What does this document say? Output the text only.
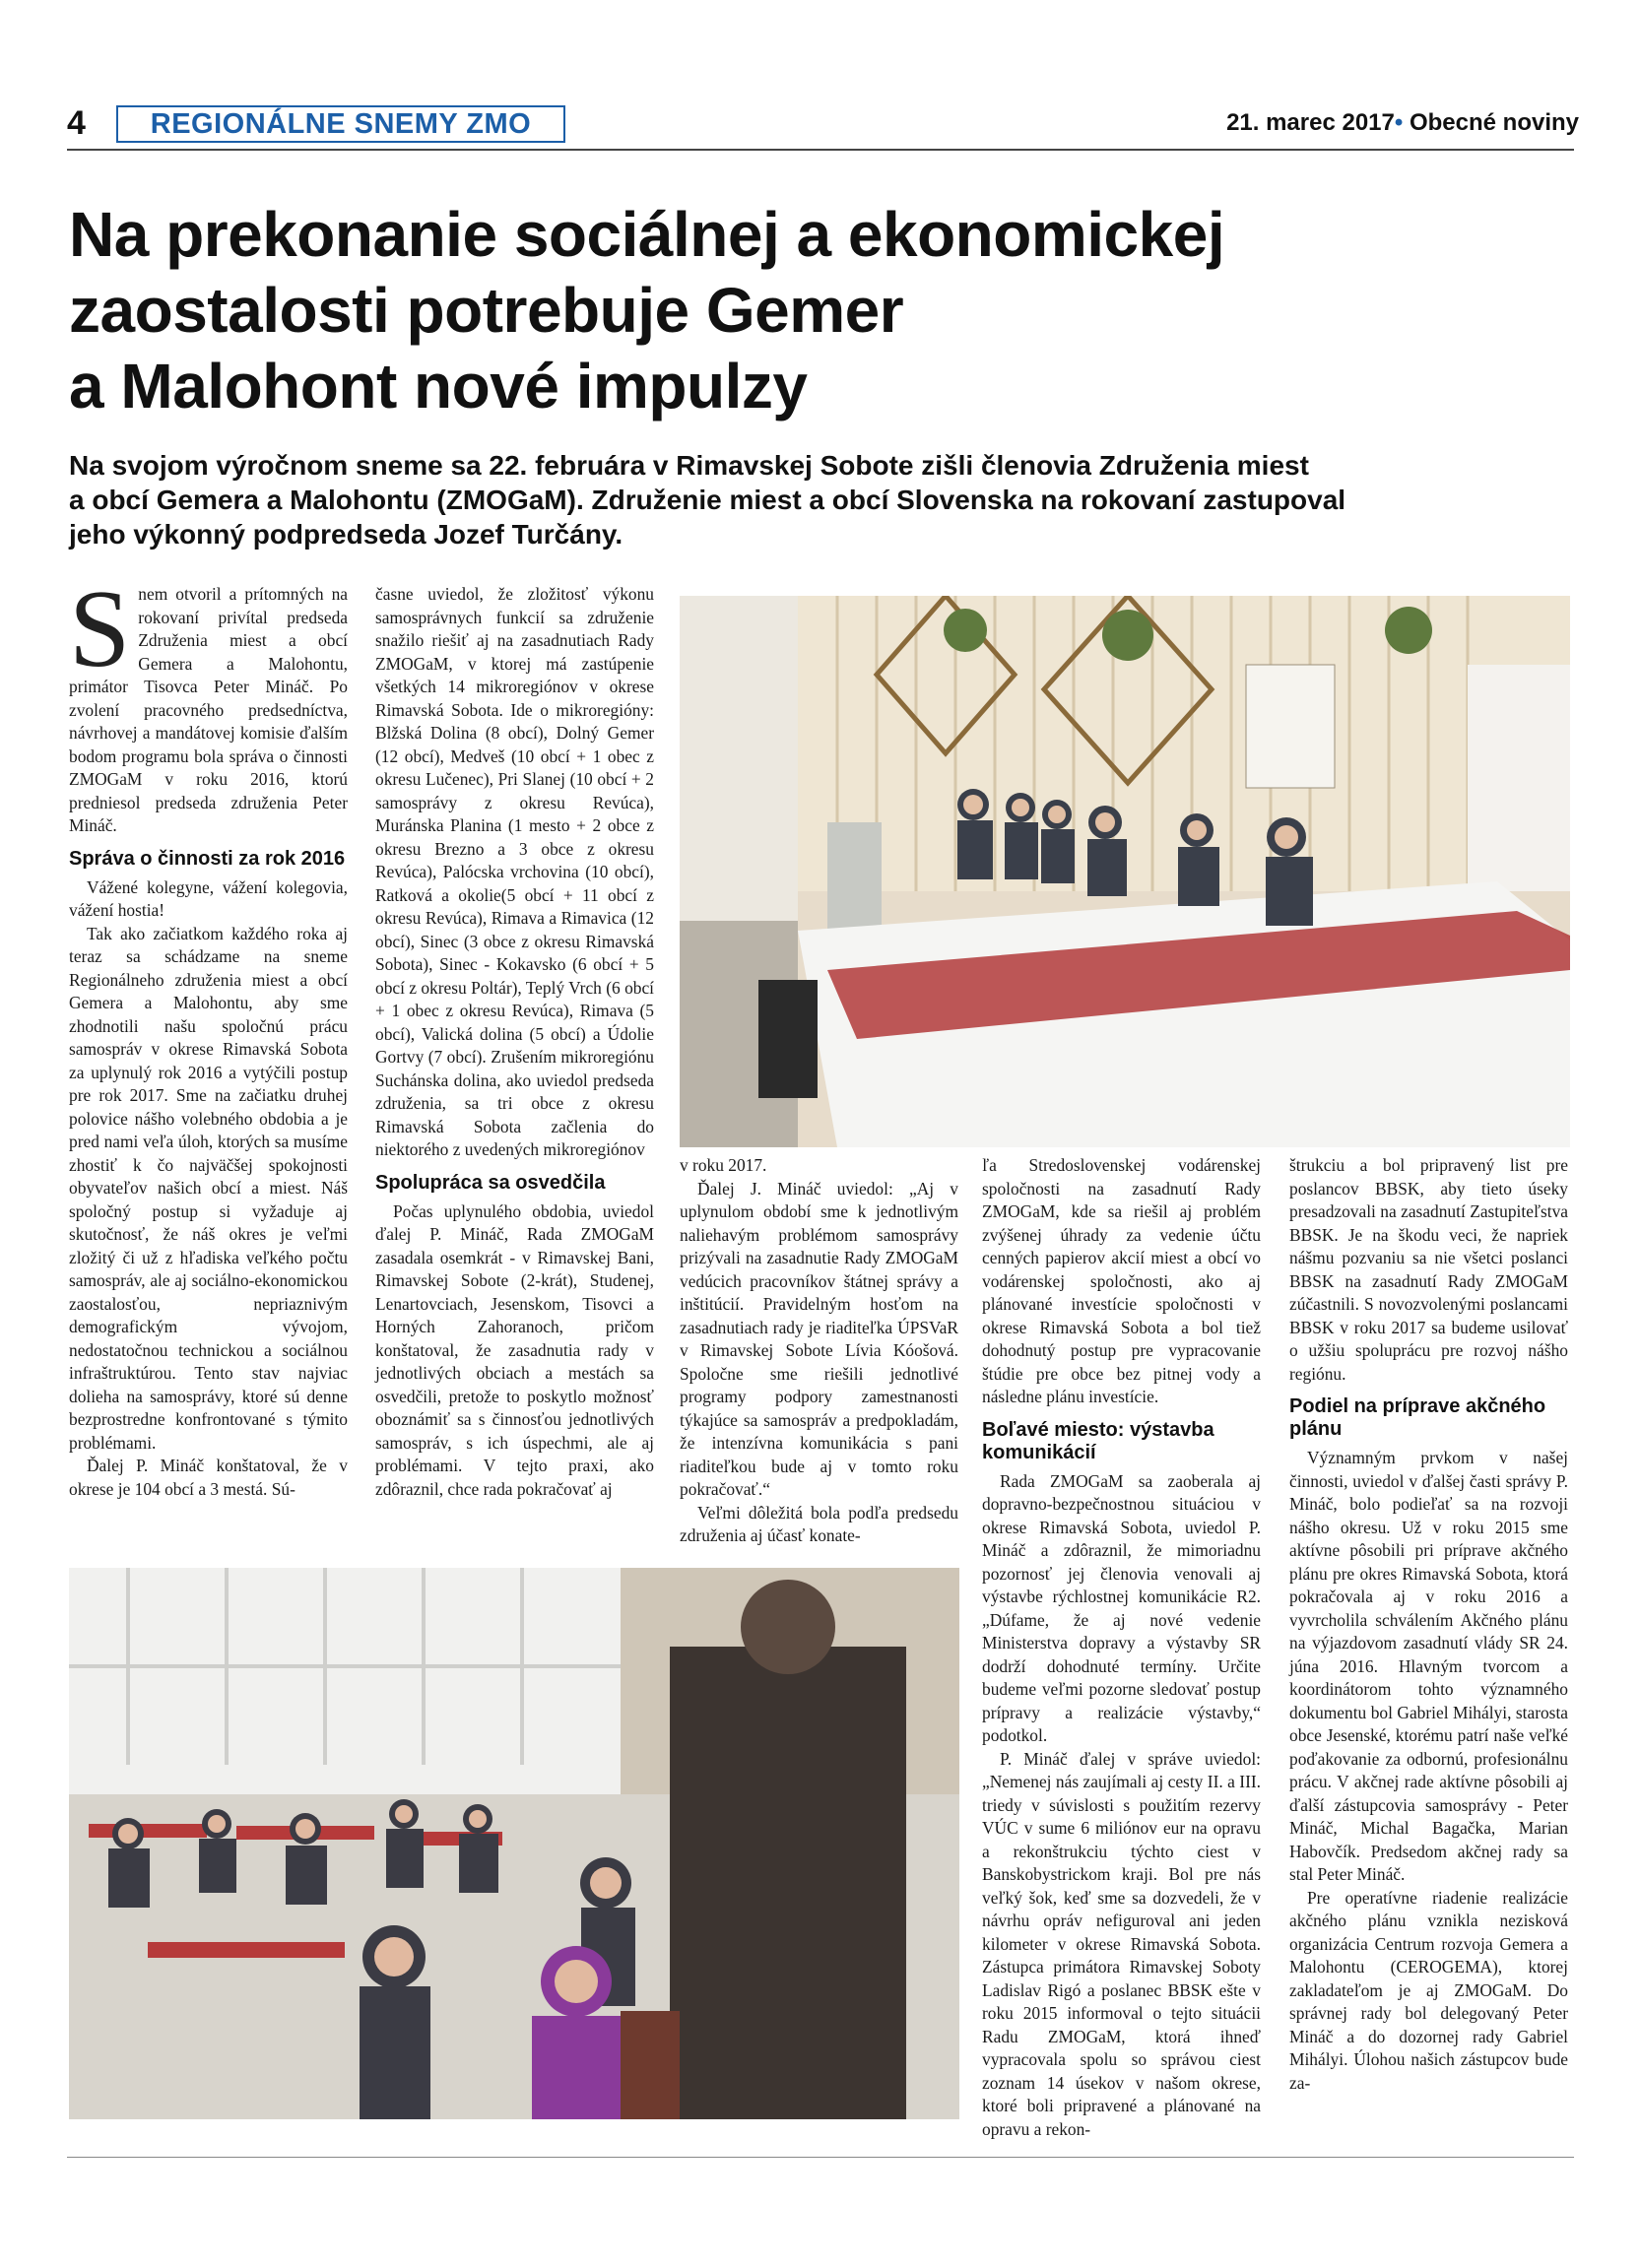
4	REGIONÁLNE SNEMY ZMO	21. marec 2017• Obecné noviny
Na prekonanie sociálnej a ekonomickej
zaostalosti potrebuje Gemer
a Malohont nové impulzy

Na svojom výročnom sneme sa 22. februára v Rimavskej Sobote zišli členovia Združenia miest
a obcí Gemera a Malohontu (ZMOGaM). Združenie miest a obcí Slovenska na rokovaní zastupoval
jeho výkonný podpredseda Jozef Turčány.

Snem otvoril a prítomných na rokovaní privítal predseda Združenia miest a obcí Gemera a Malohontu, primátor Tisovca Peter Mináč. Po zvolení pracovného predsedníctva, návrhovej a mandátovej komisie ďalším bodom programu bola správa o činnosti ZMOGaM v roku 2016, ktorú predniesol predseda združenia Peter Mináč.

Správa o činnosti za rok 2016

Vážené kolegyne, vážení kolegovia, vážení hostia!

Tak ako začiatkom každého roka aj teraz sa schádzame na sneme Regionálneho združenia miest a obcí Gemera a Malohontu, aby sme zhodnotili našu spoločnú prácu samospráv v okrese Rimavská Sobota za uplynulý rok 2016 a vytýčili postup pre rok 2017. Sme na začiatku druhej polovice nášho volebného obdobia a je pred nami veľa úloh, ktorých sa musíme zhostiť k čo najväčšej spokojnosti obyvateľov našich obcí a miest. Náš spoločný postup si vyžaduje aj skutočnosť, že náš okres je veľmi zložitý či už z hľadiska veľkého počtu samospráv, ale aj sociálno-ekonomickou zaostalosťou, nepriaznivým demografickým vývojom, nedostatočnou technickou a sociálnou infraštruktúrou. Tento stav najviac dolieha na samosprávy, ktoré sú denne bezprostredne konfrontované s týmito problémami.

Ďalej P. Mináč konštatoval, že v okrese je 104 obcí a 3 mestá. Sú-

časne uviedol, že zložitosť výkonu samosprávnych funkcií sa združenie snažilo riešiť aj na zasadnutiach Rady ZMOGaM, v ktorej má zastúpenie všetkých 14 mikroregiónov v okrese Rimavská Sobota. Ide o mikroregióny: Blžská Dolina (8 obcí), Dolný Gemer (12 obcí), Medveš (10 obcí + 1 obec z okresu Lučenec), Pri Slanej (10 obcí + 2 samosprávy z okresu Revúca), Muránska Planina (1 mesto + 2 obce z okresu Brezno a 3 obce z okresu Revúca), Palócska vrchovina (10 obcí), Ratková a okolie(5 obcí + 11 obcí z okresu Revúca), Rimava a Rimavica (12 obcí), Sinec (3 obce z okresu Rimavská Sobota), Sinec - Kokavsko (6 obcí + 5 obcí z okresu Poltár), Teplý Vrch (6 obcí + 1 obec z okresu Revúca), Rimava (5 obcí), Valická dolina (5 obcí) a Údolie Gortvy (7 obcí). Zrušením mikroregiónu Suchánska dolina, ako uviedol predseda združenia, sa tri obce z okresu Rimavská Sobota začlenia do niektorého z uvedených mikroregiónov

Spolupráca sa osvedčila

Počas uplynulého obdobia, uviedol ďalej P. Mináč, Rada ZMOGaM zasadala osemkrát - v Rimavskej Bani, Rimavskej Sobote (2-krát), Studenej, Lenartovciach, Jesenskom, Tisovci a Horných Zahoranoch, pričom konštatoval, že zasadnutia rady v jednotlivých obciach a mestách sa osvedčili, pretože to poskytlo možnosť oboznámiť sa s činnosťou jednotlivých samospráv, s ich úspechmi, ale aj problémami. V tejto praxi, ako zdôraznil, chce rada pokračovať aj

v roku 2017.

Ďalej J. Mináč uviedol: „Aj v uplynulom období sme k jednotlivým naliehavým problémom samosprávy prizývali na zasadnutie Rady ZMOGaM vedúcich pracovníkov štátnej správy a inštitúcií. Pravidelným hosťom na zasadnutiach rady je riaditeľka ÚPSVaR v Rimavskej Sobote Lívia Kóošová. Spoločne sme riešili jednotlivé programy podpory zamestnanosti týkajúce sa samospráv a predpokladám, že intenzívna komunikácia s pani riaditeľkou bude aj v tomto roku pokračovať.“

Veľmi dôležitá bola podľa predsedu združenia aj účasť konate-

ľa Stredoslovenskej vodárenskej spoločnosti na zasadnutí Rady ZMOGaM, kde sa riešil aj problém zvýšenej úhrady za vedenie účtu cenných papierov akcií miest a obcí vo vodárenskej spoločnosti, ako aj plánované investície spoločnosti v okrese Rimavská Sobota a bol tiež dohodnutý postup pre vypracovanie štúdie pre obce bez pitnej vody a následne plánu investície.

Boľavé miesto: výstavba komunikácií

Rada ZMOGaM sa zaoberala aj dopravno-bezpečnostnou situáciou v okrese Rimavská Sobota, uviedol P. Mináč a zdôraznil, že mimoriadnu pozornosť jej členovia venovali aj výstavbe rýchlostnej komunikácie R2. „Dúfame, že aj nové vedenie Ministerstva dopravy a výstavby SR dodrží dohodnuté termíny. Určite budeme veľmi pozorne sledovať postup prípravy a realizácie výstavby,“ podotkol.

P. Mináč ďalej v správe uviedol: „Nemenej nás zaujímali aj cesty II. a III. triedy v súvislosti s použitím rezervy VÚC v sume 6 miliónov eur na opravu a rekonštrukciu týchto ciest v Banskobystrickom kraji. Bol pre nás veľký šok, keď sme sa dozvedeli, že v návrhu opráv nefiguroval ani jeden kilometer v okrese Rimavská Sobota. Zástupca primátora Rimavskej Soboty Ladislav Rigó a poslanec BBSK ešte v roku 2015 informoval o tejto situácii Radu ZMOGaM, ktorá ihneď vypracovala spolu so správou ciest zoznam 14 úsekov v našom okrese, ktoré boli pripravené a plánované na opravu a rekon-

štrukciu a bol pripravený list pre poslancov BBSK, aby tieto úseky presadzovali na zasadnutí Zastupiteľstva BBSK. Je na škodu veci, že napriek nášmu pozvaniu sa nie všetci poslanci BBSK na zasadnutí Rady ZMOGaM zúčastnili. S novozvolenými poslancami BBSK v roku 2017 sa budeme usilovať o užšiu spoluprácu pre rozvoj nášho regiónu.

Podiel na príprave akčného plánu

Významným prvkom v našej činnosti, uviedol v ďalšej časti správy P. Mináč, bolo podieľať sa na rozvoji nášho okresu. Už v roku 2015 sme aktívne pôsobili pri príprave akčného plánu pre okres Rimavská Sobota, ktorá pokračovala aj v roku 2016 a vyvrcholila schválením Akčného plánu na výjazdovom zasadnutí vlády SR 24. júna 2016. Hlavným tvorcom a koordinátorom tohto významného dokumentu bol Gabriel Mihályi, starosta obce Jesenské, ktorému patrí naše veľké poďakovanie za odbornú, profesionálnu prácu. V akčnej rade aktívne pôsobili aj ďalší zástupcovia samosprávy - Peter Mináč, Michal Bagačka, Marian Habovčík. Predsedom akčnej rady sa stal Peter Mináč.

Pre operatívne riadenie realizácie akčného plánu vznikla nezisková organizácia Centrum rozvoja Gemera a Malohontu (CEROGEMA), ktorej zakladateľom je aj ZMOGaM. Do správnej rady bol delegovaný Peter Mináč a do dozornej rady Gabriel Mihályi. Úlohou našich zástupcov bude za-
